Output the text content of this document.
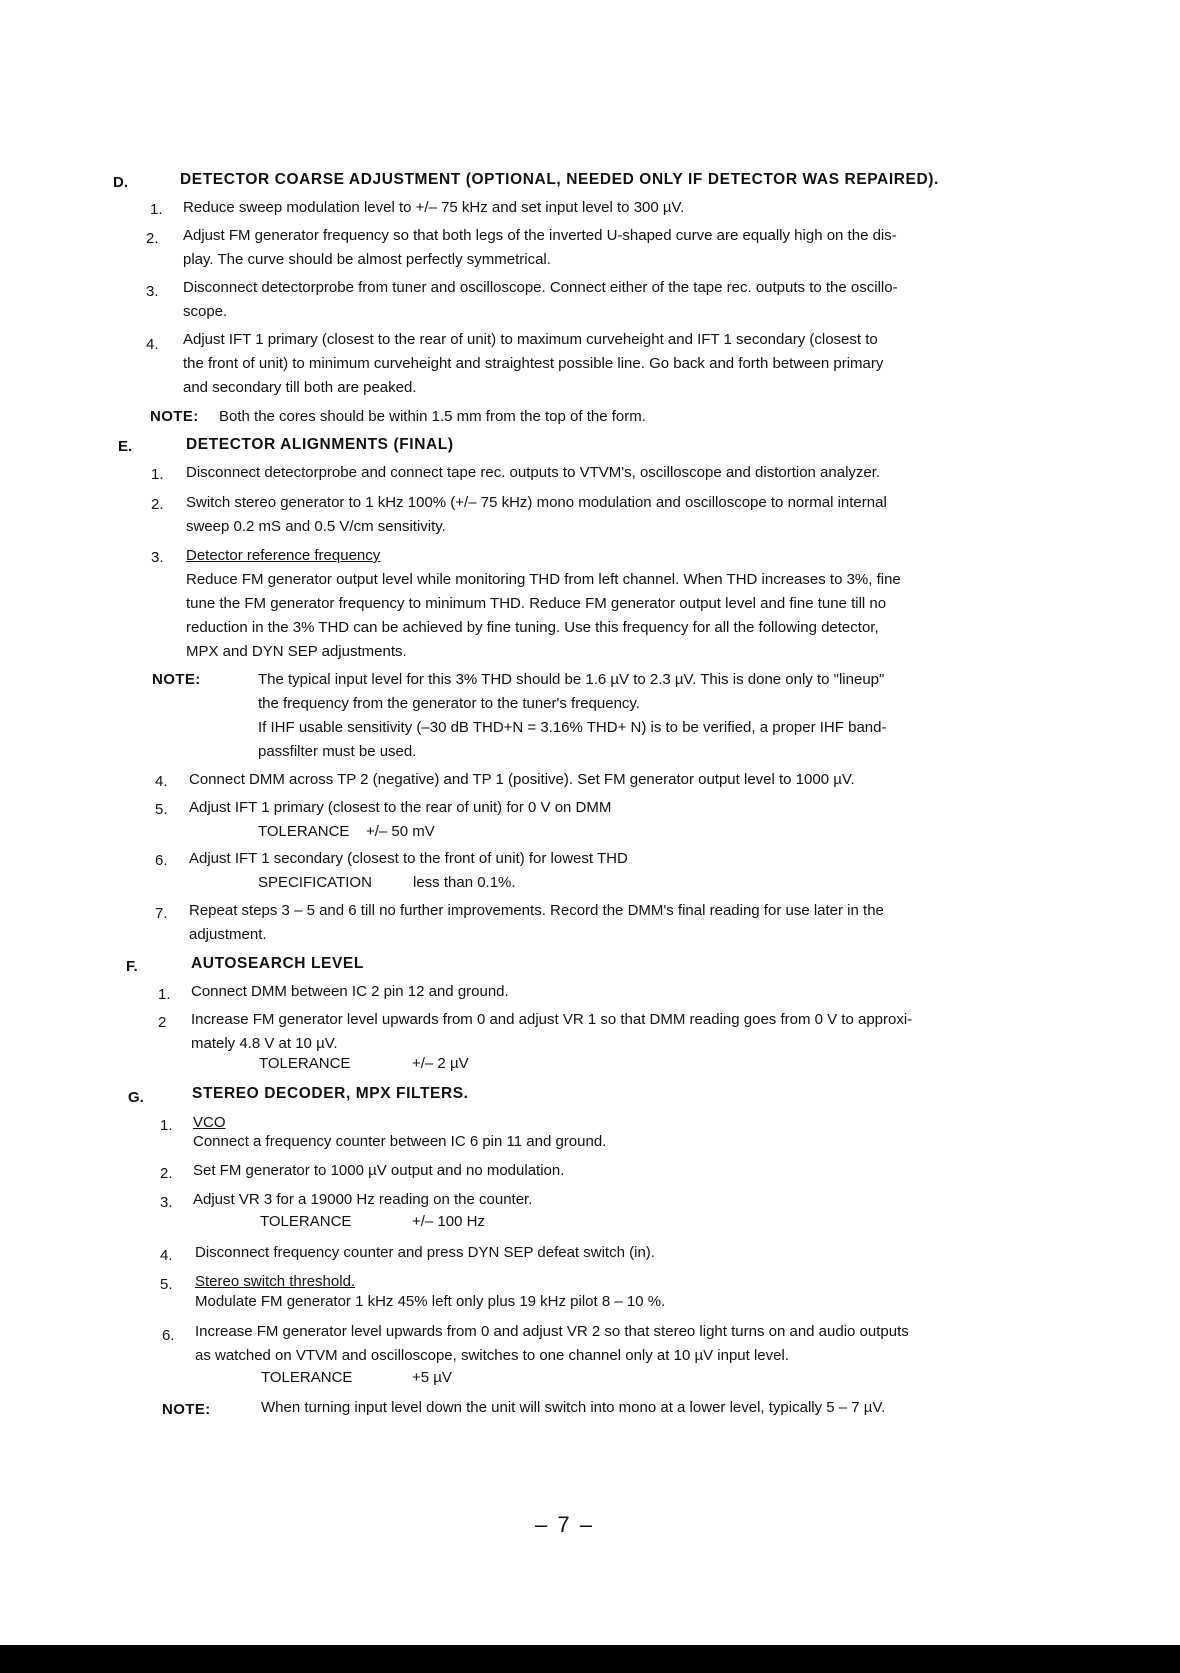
D.	DETECTOR COARSE ADJUSTMENT (OPTIONAL, NEEDED ONLY IF DETECTOR WAS REPAIRED).
1. Reduce sweep modulation level to +/– 75 kHz and set input level to 300 µV.
2. Adjust FM generator frequency so that both legs of the inverted U-shaped curve are equally high on the dis-
play. The curve should be almost perfectly symmetrical.
3. Disconnect detectorprobe from tuner and oscilloscope. Connect either of the tape rec. outputs to the oscillo-
scope.
4. Adjust IFT 1 primary (closest to the rear of unit) to maximum curveheight and IFT 1 secondary (closest to
the front of unit) to minimum curveheight and straightest possible line. Go back and forth between primary
and secondary till both are peaked.
NOTE: Both the cores should be within 1.5 mm from the top of the form.
E.	DETECTOR ALIGNMENTS (FINAL)
1. Disconnect detectorprobe and connect tape rec. outputs to VTVM's, oscilloscope and distortion analyzer.
2. Switch stereo generator to 1 kHz 100% (+/– 75 kHz) mono modulation and oscilloscope to normal internal
sweep 0.2 mS and 0.5 V/cm sensitivity.
3. Detector reference frequency
Reduce FM generator output level while monitoring THD from left channel. When THD increases to 3%, fine
tune the FM generator frequency to minimum THD. Reduce FM generator output level and fine tune till no
reduction in the 3% THD can be achieved by fine tuning. Use this frequency for all the following detector,
MPX and DYN SEP adjustments.
NOTE:	The typical input level for this 3% THD should be 1.6 µV to 2.3 µV. This is done only to "lineup"
the frequency from the generator to the tuner's frequency.
If IHF usable sensitivity (–30 dB THD+N = 3.16% THD+ N) is to be verified, a proper IHF band-
passfilter must be used.
4. Connect DMM across TP 2 (negative) and TP 1 (positive). Set FM generator output level to 1000 µV.
5. Adjust IFT 1 primary (closest to the rear of unit) for 0 V on DMM
TOLERANCE +/– 50 mV
6. Adjust IFT 1 secondary (closest to the front of unit) for lowest THD
SPECIFICATION	less than 0.1%.
7. Repeat steps 3 – 5 and 6 till no further improvements. Record the DMM's final reading for use later in the
adjustment.
F.	AUTOSEARCH LEVEL
1. Connect DMM between IC 2 pin 12 and ground.
2 Increase FM generator level upwards from 0 and adjust VR 1 so that DMM reading goes from 0 V to approxi-
mately 4.8 V at 10 µV.
TOLERANCE	+/– 2 µV
G.	STEREO DECODER, MPX FILTERS.
1. VCO
Connect a frequency counter between IC 6 pin 11 and ground.
2. Set FM generator to 1000 µV output and no modulation.
3. Adjust VR 3 for a 19000 Hz reading on the counter.
TOLERANCE	+/– 100 Hz
4. Disconnect frequency counter and press DYN SEP defeat switch (in).
5. Stereo switch threshold.
Modulate FM generator 1 kHz 45% left only plus 19 kHz pilot 8 – 10 %.
6. Increase FM generator level upwards from 0 and adjust VR 2 so that stereo light turns on and audio outputs
as watched on VTVM and oscilloscope, switches to one channel only at 10 µV input level.
TOLERANCE	+5 µV
NOTE:	When turning input level down the unit will switch into mono at a lower level, typically 5 – 7 µV.
– 7 –
